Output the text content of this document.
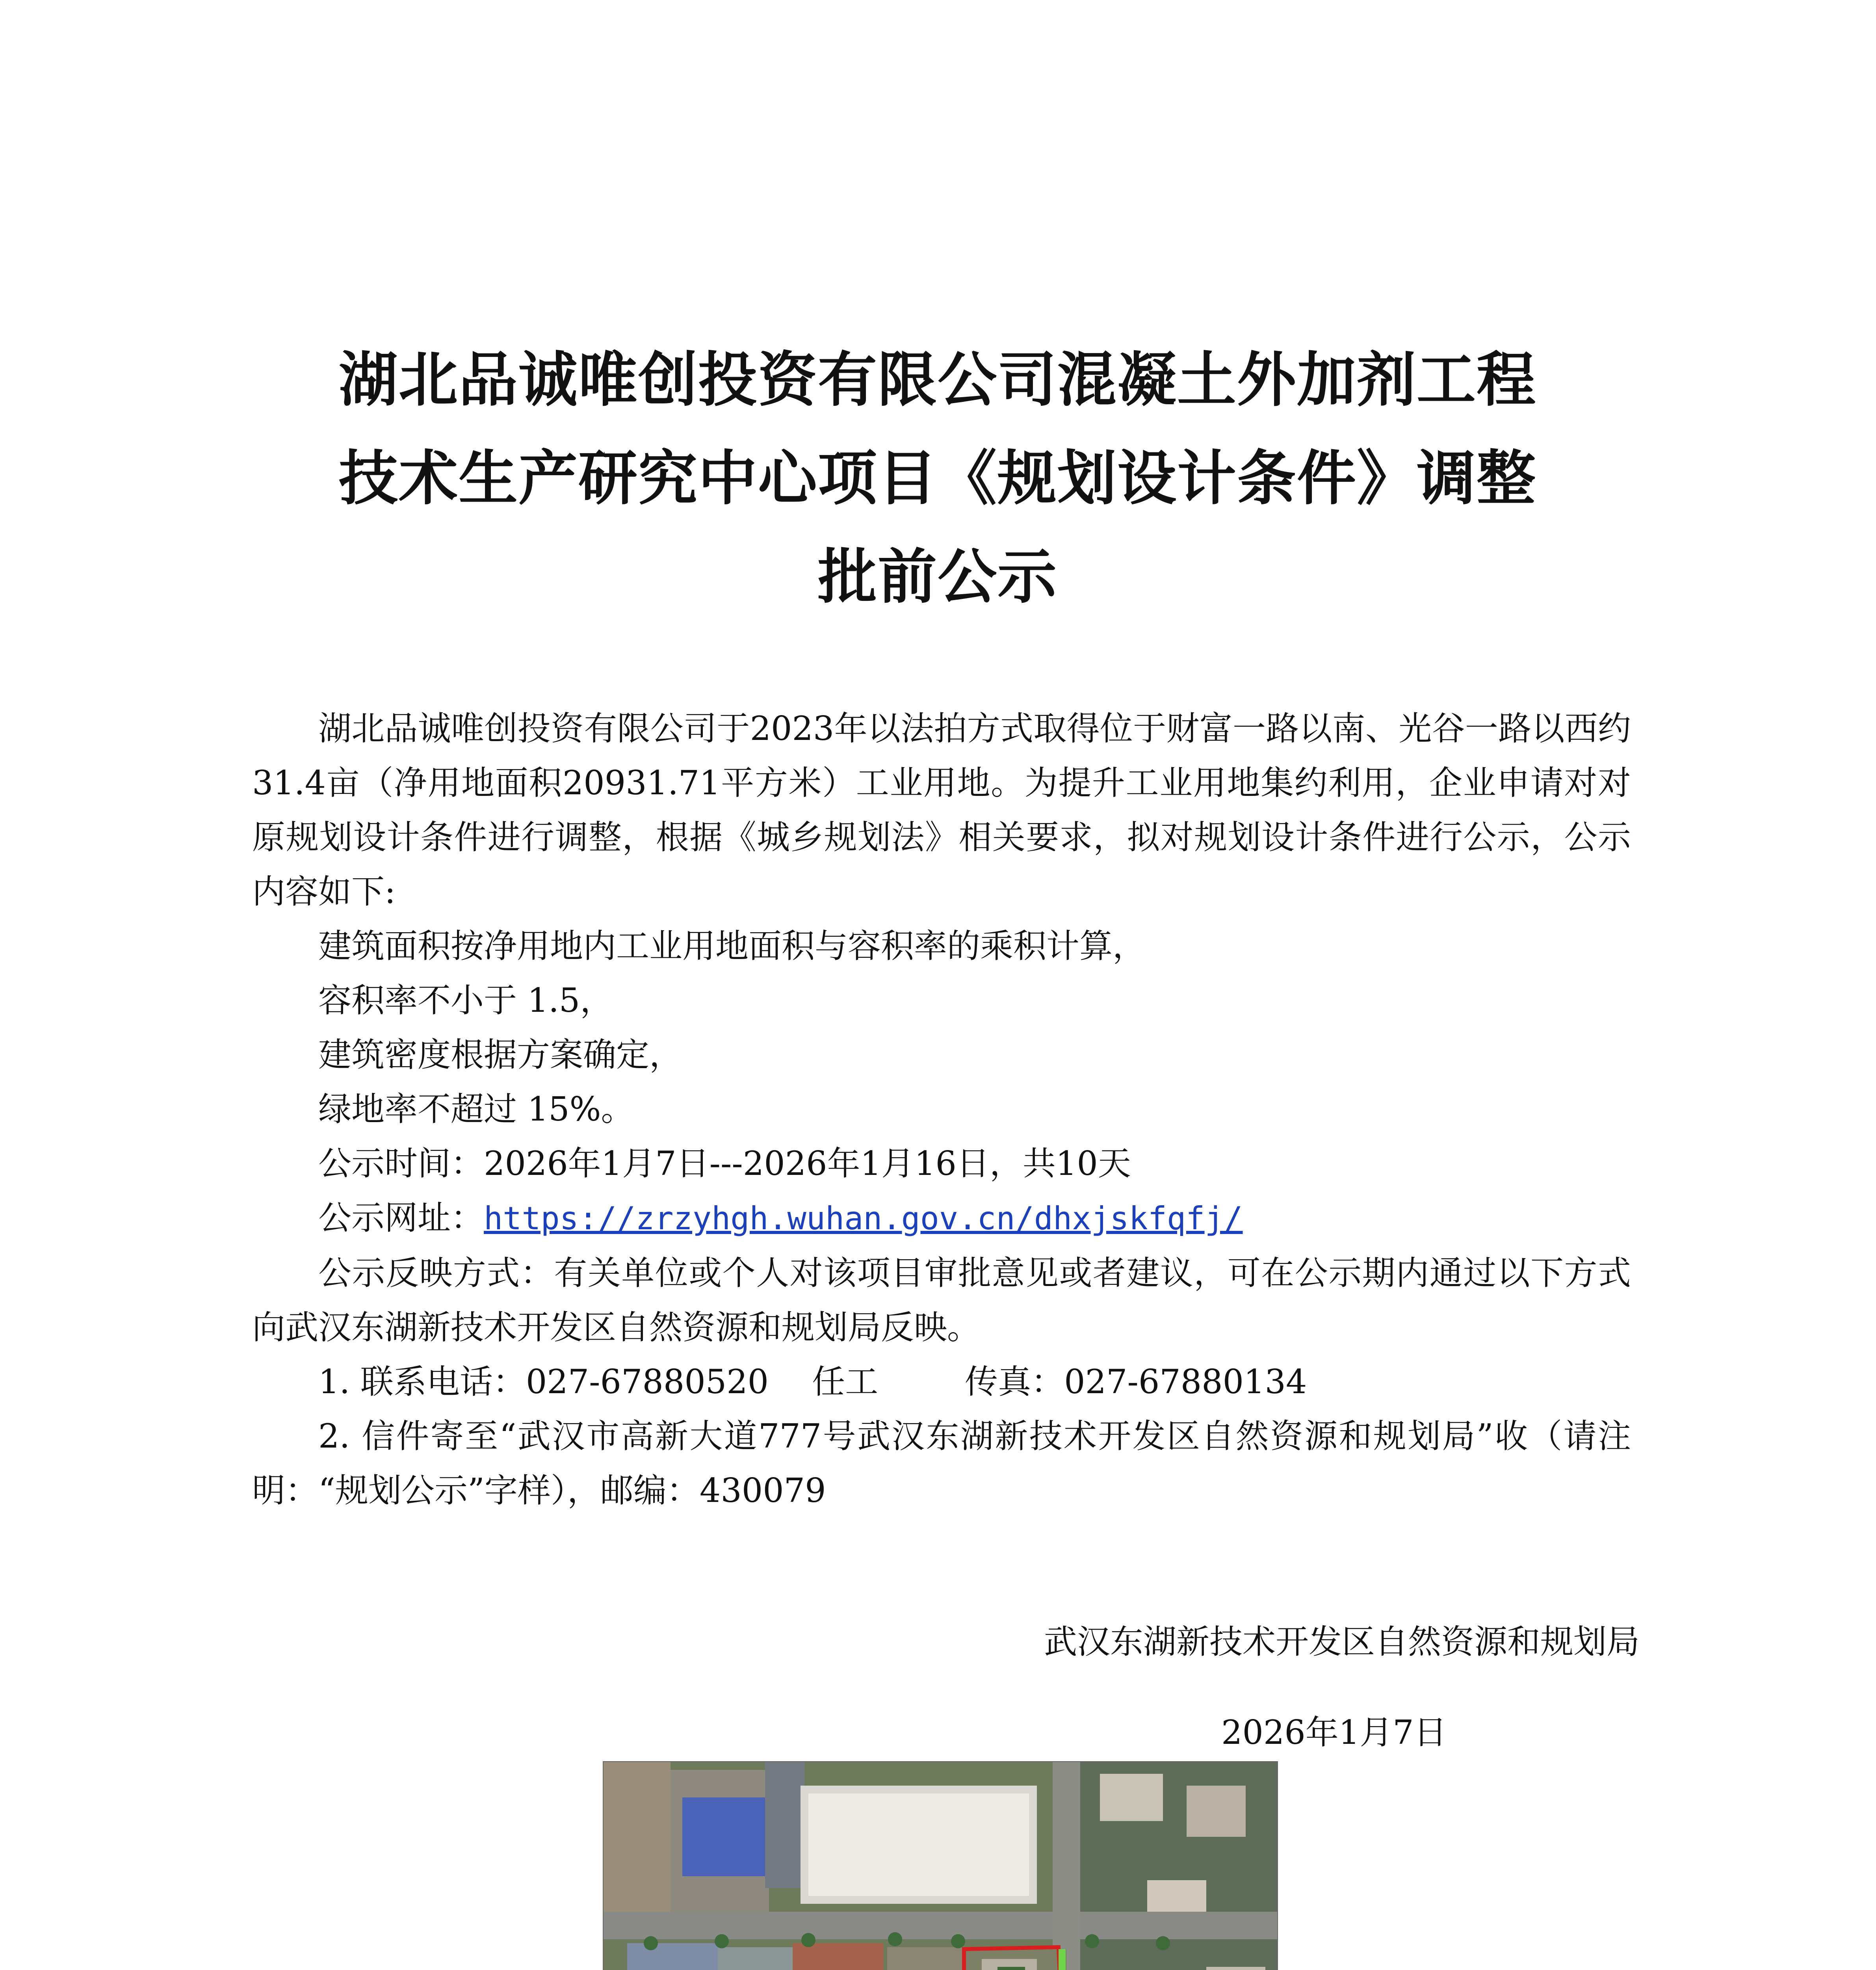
湖北品诚唯创投资有限公司混凝土外加剂工程
技术生产研究中心项目《规划设计条件》调整
批前公示

湖北品诚唯创投资有限公司于2023年以法拍方式取得位于财富一路以南、光谷一路以西约31.4亩（净用地面积20931.71平方米）工业用地。为提升工业用地集约利用，企业申请对对原规划设计条件进行调整，根据《城乡规划法》相关要求，拟对规划设计条件进行公示，公示内容如下:

建筑面积按净用地内工业用地面积与容积率的乘积计算，

容积率不小于 1.5，

建筑密度根据方案确定，

绿地率不超过 15%。

公示时间：2026年1月7日---2026年1月16日，共10天

公示网址：https://zrzyhgh.wuhan.gov.cn/dhxjskfqfj/

公示反映方式：有关单位或个人对该项目审批意见或者建议，可在公示期内通过以下方式向武汉东湖新技术开发区自然资源和规划局反映。

1. 联系电话：027-67880520 任工	传真：027-67880134

2. 信件寄至“武汉市高新大道777号武汉东湖新技术开发区自然资源和规划局”收（请注明：“规划公示”字样），邮编：430079

武汉东湖新技术开发区自然资源和规划局
2026年1月7日
